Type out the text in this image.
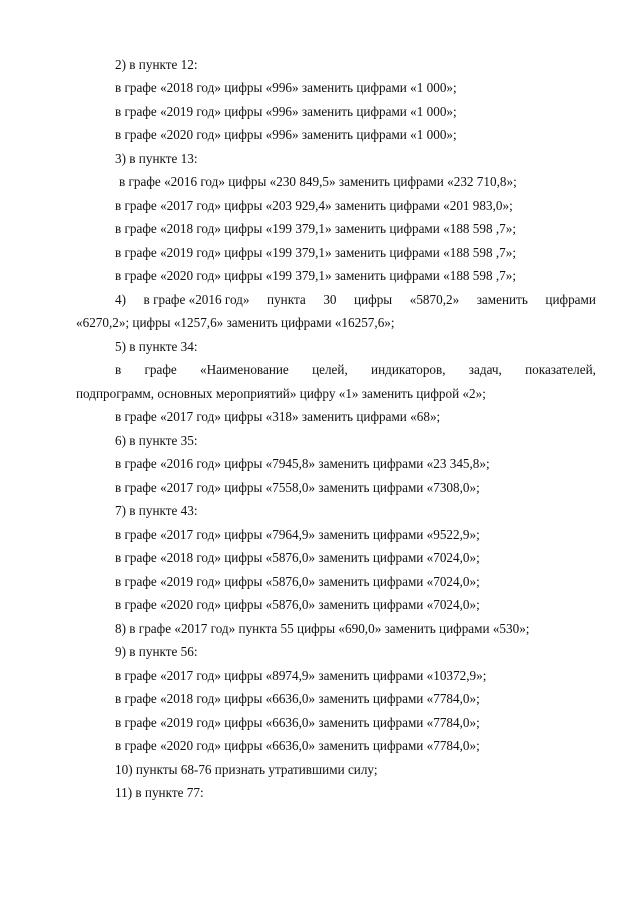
2) в пункте 12:
в графе «2018 год» цифры «996» заменить цифрами «1 000»;
в графе «2019 год» цифры «996» заменить цифрами «1 000»;
в графе «2020 год» цифры «996» заменить цифрами «1 000»;
3) в пункте 13:
в графе «2016 год» цифры «230 849,5» заменить цифрами «232 710,8»;
в графе «2017 год» цифры «203 929,4» заменить цифрами «201 983,0»;
в графе «2018 год» цифры «199 379,1» заменить цифрами «188 598 ,7»;
в графе «2019 год» цифры «199 379,1» заменить цифрами «188 598 ,7»;
в графе «2020 год» цифры «199 379,1» заменить цифрами «188 598 ,7»;
4) в графе «2016 год» пункта 30 цифры «5870,2» заменить цифрами
«6270,2»; цифры «1257,6» заменить цифрами «16257,6»;
5) в пункте 34:
в графе «Наименование целей, индикаторов, задач, показателей,
подпрограмм, основных мероприятий» цифру «1» заменить цифрой «2»;
в графе «2017 год» цифры «318» заменить цифрами «68»;
6) в пункте 35:
в графе «2016 год» цифры «7945,8» заменить цифрами «23 345,8»;
в графе «2017 год» цифры «7558,0» заменить цифрами «7308,0»;
7) в пункте 43:
в графе «2017 год» цифры «7964,9» заменить цифрами «9522,9»;
в графе «2018 год» цифры «5876,0» заменить цифрами «7024,0»;
в графе «2019 год» цифры «5876,0» заменить цифрами «7024,0»;
в графе «2020 год» цифры «5876,0» заменить цифрами «7024,0»;
8) в графе «2017 год» пункта 55 цифры «690,0» заменить цифрами «530»;
9) в пункте 56:
в графе «2017 год» цифры «8974,9» заменить цифрами «10372,9»;
в графе «2018 год» цифры «6636,0» заменить цифрами «7784,0»;
в графе «2019 год» цифры «6636,0» заменить цифрами «7784,0»;
в графе «2020 год» цифры «6636,0» заменить цифрами «7784,0»;
10) пункты 68-76 признать утратившими силу;
11) в пункте 77:
